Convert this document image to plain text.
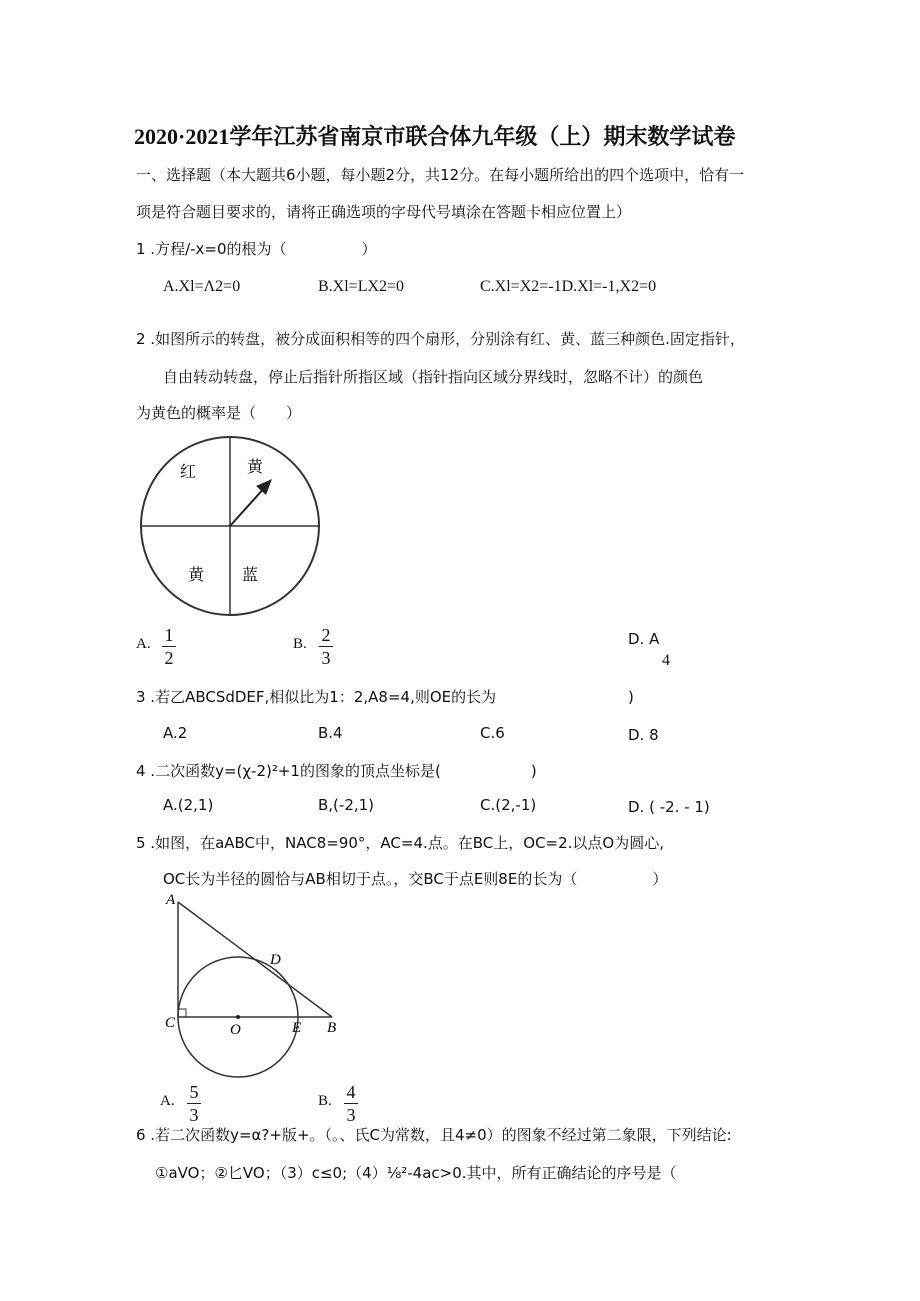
2020·2021学年江苏省南京市联合体九年级（上）期末数学试卷
一、选择题（本大题共6小题，每小题2分，共12分。在每小题所给出的四个选项中，恰有一
项是符合题目要求的，请将正确选项的字母代号填涂在答题卡相应位置上）
1 .方程/-x=0的根为（　　　　　）
A.Xl=Λ2=0	B.Xl=LX2=0	C.Xl=X2=-1D.Xl=-1,X2=0
2 .如图所示的转盘，被分成面积相等的四个扇形，分别涂有红、黄、蓝三种颜色.固定指针，
自由转动转盘，停止后指针所指区域（指针指向区域分界线时，忽略不计）的颜色
为黄色的概率是（　　）
红	黄
黄 蓝
A. 1
2
B. 2
3
D. A
4
3 .若乙ABCSdDEF,相似比为1：2,A8=4,则OE的长为	)
A.2	B.4	C.6	D. 8
4 .二次函数y=(χ-2)²+1的图象的顶点坐标是(　　　　　　)
A.(2,1)	B,(-2,1)	C.(2,-1)	D. ( -2. - 1)
5 .如图，在aABC中，NAC8=90°，AC=4.点。在BC上，OC=2.以点O为圆心,
OC长为半径的圆恰与AB相切于点。，交BC于点E则8E的长为（　　　　　）
A
C
D
O	E B
A. 5
3
B. 4
3
6 .若二次函数y=α?+版+。（。、氏C为常数，且4≠0）的图象不经过第二象限，下列结论:
①aVO；②匕VO；（3）c≤0;（4）⅛²-4ac>0.其中，所有正确结论的序号是（
